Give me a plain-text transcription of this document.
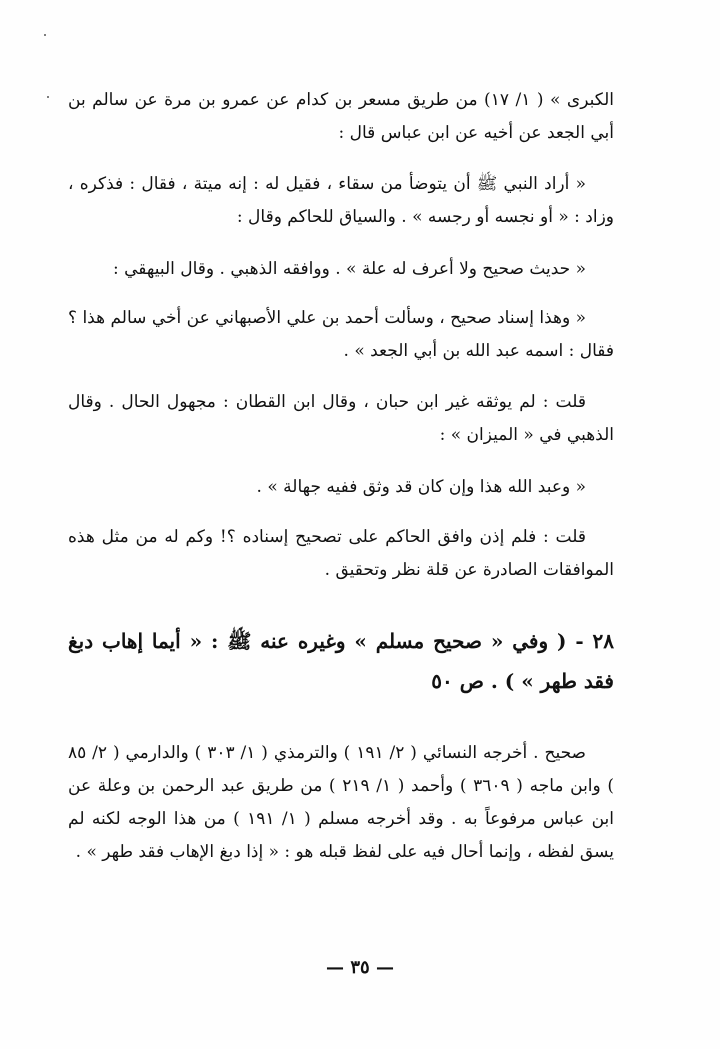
الكبرى » ( ١/ ١٧) من طريق مسعر بن كدام عن عمرو بن مرة عن سالم بن أبي الجعد عن أخيه عن ابن عباس قال :

« أراد النبي ﷺ أن يتوضأ من سقاء ، فقيل له : إنه ميتة ، فقال : فذكره ، وزاد : « أو نجسه أو رجسه » . والسياق للحاكم وقال :

« حديث صحيح ولا أعرف له علة » . ووافقه الذهبي . وقال البيهقي :

« وهذا إسناد صحيح ، وسألت أحمد بن علي الأصبهاني عن أخي سالم هذا ؟ فقال : اسمه عبد الله بن أبي الجعد » .

قلت : لم يوثقه غير ابن حبان ، وقال ابن القطان : مجهول الحال . وقال الذهبي في « الميزان » :

« وعبد الله هذا وإن كان قد وثق ففيه جهالة » .

قلت : فلم إذن وافق الحاكم على تصحيح إسناده ؟! وكم له من مثل هذه الموافقات الصادرة عن قلة نظر وتحقيق .

٢٨ - ( وفي « صحيح مسلم » وغيره عنه ﷺ : « أيما إهاب دبغ فقد طهر » ) . ص ٥٠

صحيح . أخرجه النسائي ( ٢/ ١٩١ ) والترمذي ( ١/ ٣٠٣ ) والدارمي ( ٢/ ٨٥ ) وابن ماجه ( ٣٦٠٩ ) وأحمد ( ١/ ٢١٩ ) من طريق عبد الرحمن بن وعلة عن ابن عباس مرفوعاً به . وقد أخرجه مسلم ( ١/ ١٩١ ) من هذا الوجه لكنه لم يسق لفظه ، وإنما أحال فيه على لفظ قبله هو : « إذا دبغ الإهاب فقد طهر » .

— ٣٥ —
